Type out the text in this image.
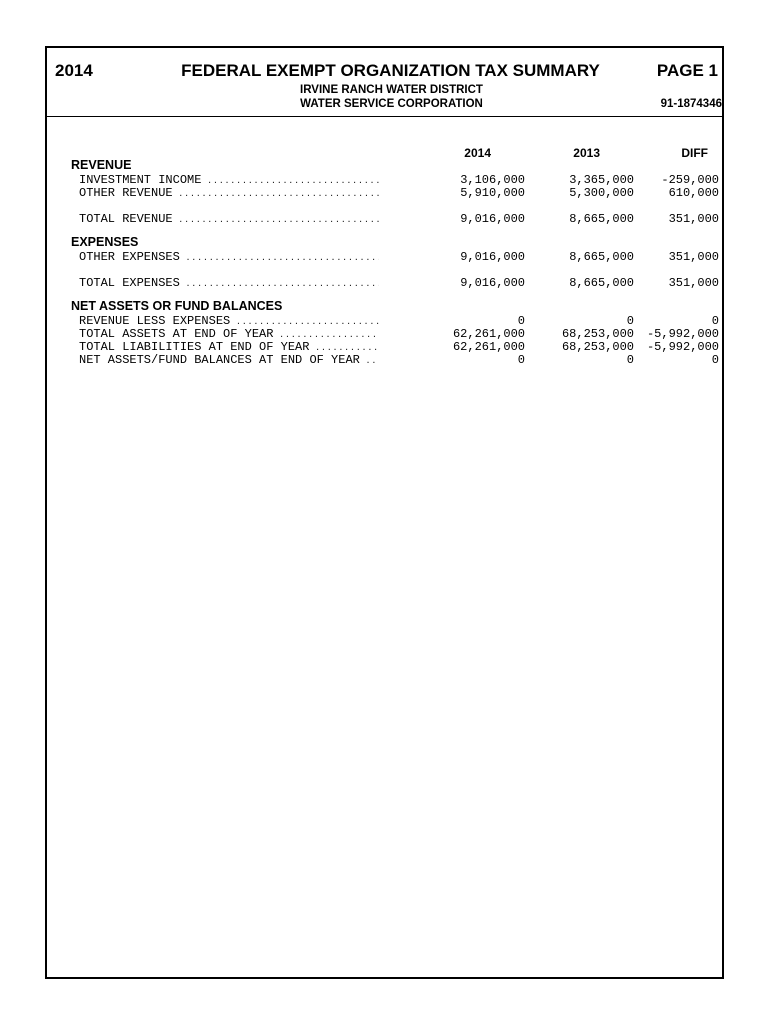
2014	FEDERAL EXEMPT ORGANIZATION TAX SUMMARY	PAGE 1
IRVINE RANCH WATER DISTRICT
WATER SERVICE CORPORATION	91-1874346
2014	2013	DIFF
REVENUE
INVESTMENT INCOME .....	3,106,000	3,365,000 -259,000
OTHER REVENUE .....	5,910,000	5,300,000	610,000
TOTAL REVENUE .....	9,016,000	8,665,000	351,000
EXPENSES
OTHER EXPENSES .....	9,016,000	8,665,000	351,000
TOTAL EXPENSES .....	9,016,000	8,665,000	351,000
NET ASSETS OR FUND BALANCES
REVENUE LESS EXPENSES .....	0	0	0
TOTAL ASSETS AT END OF YEAR .....	62,261,000	68,253,000 -5,992,000
TOTAL LIABILITIES AT END OF YEAR .....	62,261,000	68,253,000 -5,992,000
NET ASSETS/FUND BALANCES AT END OF YEAR .....	0	0	0
